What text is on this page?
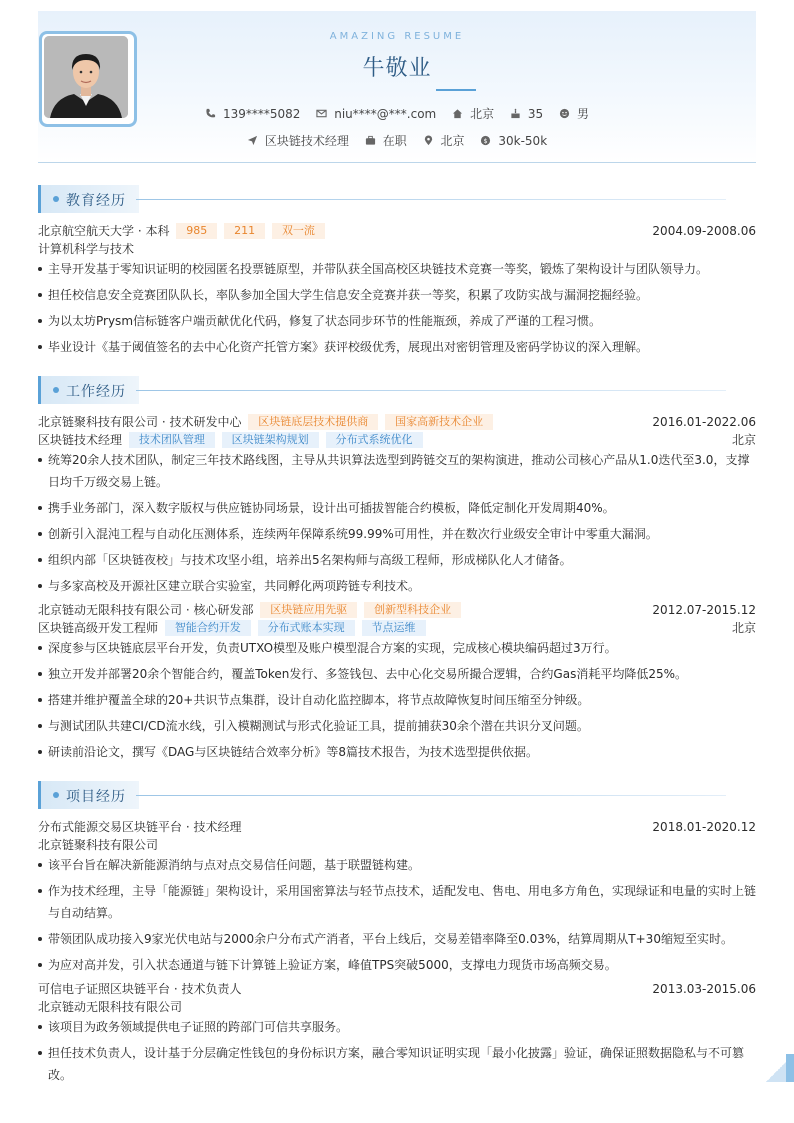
AMAZING RESUME
牛敬业
139****5082	niu****@***.com	北京	35	男
区块链技术经理	在职	北京	$ 30k-50k
教育经历
北京航空航天大学 · 本科 985 211 双一流	2004.09-2008.06
计算机科学与技术
主导开发基于零知识证明的校园匿名投票链原型，并带队获全国高校区块链技术竞赛一等奖，锻炼了架构设计与团队领导力。
担任校信息安全竞赛团队队长，率队参加全国大学生信息安全竞赛并获一等奖，积累了攻防实战与漏洞挖掘经验。
为以太坊Prysm信标链客户端贡献优化代码，修复了状态同步环节的性能瓶颈，养成了严谨的工程习惯。
毕业设计《基于阈值签名的去中心化资产托管方案》获评校级优秀，展现出对密钥管理及密码学协议的深入理解。
工作经历
北京链聚科技有限公司 · 技术研发中心 区块链底层技术提供商 国家高新技术企业	2016.01-2022.06
区块链技术经理 技术团队管理 区块链架构规划 分布式系统优化	北京
统筹20余人技术团队，制定三年技术路线图，主导从共识算法选型到跨链交互的架构演进，推动公司核心产品从1.0迭代至3.0，支撑日均千万级交易上链。
携手业务部门，深入数字版权与供应链协同场景，设计出可插拔智能合约模板，降低定制化开发周期40%。
创新引入混沌工程与自动化压测体系，连续两年保障系统99.99%可用性，并在数次行业级安全审计中零重大漏洞。
组织内部「区块链夜校」与技术攻坚小组，培养出5名架构师与高级工程师，形成梯队化人才储备。
与多家高校及开源社区建立联合实验室，共同孵化两项跨链专利技术。
北京链动无限科技有限公司 · 核心研发部 区块链应用先驱 创新型科技企业	2012.07-2015.12
区块链高级开发工程师 智能合约开发 分布式账本实现 节点运维	北京
深度参与区块链底层平台开发，负责UTXO模型及账户模型混合方案的实现，完成核心模块编码超过3万行。
独立开发并部署20余个智能合约，覆盖Token发行、多签钱包、去中心化交易所撮合逻辑，合约Gas消耗平均降低25%。
搭建并维护覆盖全球的20+共识节点集群，设计自动化监控脚本，将节点故障恢复时间压缩至分钟级。
与测试团队共建CI/CD流水线，引入模糊测试与形式化验证工具，提前捕获30余个潜在共识分叉问题。
研读前沿论文，撰写《DAG与区块链结合效率分析》等8篇技术报告，为技术选型提供依据。
项目经历
分布式能源交易区块链平台 · 技术经理	2018.01-2020.12
北京链聚科技有限公司
该平台旨在解决新能源消纳与点对点交易信任问题，基于联盟链构建。
作为技术经理，主导「能源链」架构设计，采用国密算法与轻节点技术，适配发电、售电、用电多方角色，实现绿证和电量的实时上链与自动结算。
带领团队成功接入9家光伏电站与2000余户分布式产消者，平台上线后，交易差错率降至0.03%，结算周期从T+30缩短至实时。
为应对高并发，引入状态通道与链下计算链上验证方案，峰值TPS突破5000，支撑电力现货市场高频交易。
可信电子证照区块链平台 · 技术负责人	2013.03-2015.06
北京链动无限科技有限公司
该项目为政务领域提供电子证照的跨部门可信共享服务。
担任技术负责人，设计基于分层确定性钱包的身份标识方案，融合零知识证明实现「最小化披露」验证，确保证照数据隐私与不可篡改。
